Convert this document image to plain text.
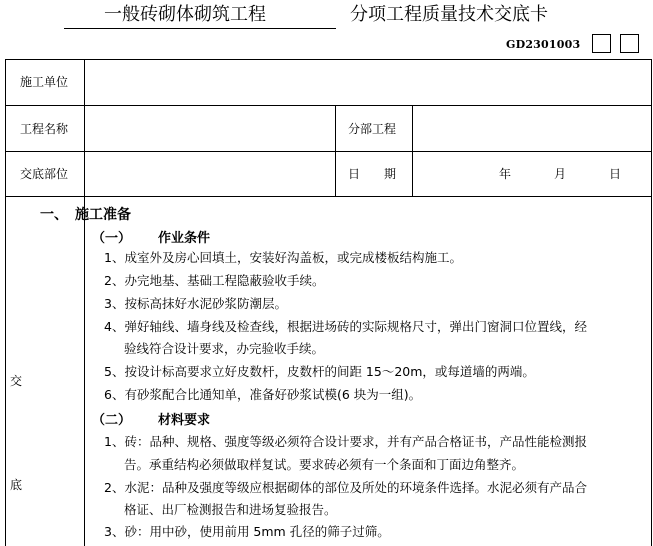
一般砖砌体砌筑工程	分项工程质量技术交底卡
GD2301003
施工单位
工程名称	分部工程
交底部位	日　　期	年	月	日
交
底
一、　施工准备
（一） 作业条件
1、成室外及房心回填土，安装好沟盖板，或完成楼板结构施工。
2、办完地基、基础工程隐蔽验收手续。
3、按标高抹好水泥砂浆防潮层。
4、弹好轴线、墙身线及检查线，根据进场砖的实际规格尺寸，弹出门窗洞口位置线，经
验线符合设计要求，办完验收手续。
5、按设计标高要求立好皮数杆，皮数杆的间距 15～20m，或每道墙的两端。
6、有砂浆配合比通知单，准备好砂浆试模(6 块为一组)。
（二） 材料要求
1、砖：品种、规格、强度等级必须符合设计要求，并有产品合格证书，产品性能检测报
告。承重结构必须做取样复试。要求砖必须有一个条面和丁面边角整齐。
2、水泥：品种及强度等级应根据砌体的部位及所处的环境条件选择。水泥必须有产品合
格证、出厂检测报告和进场复验报告。
3、砂：用中砂，使用前用 5mm 孔径的筛子过筛。
